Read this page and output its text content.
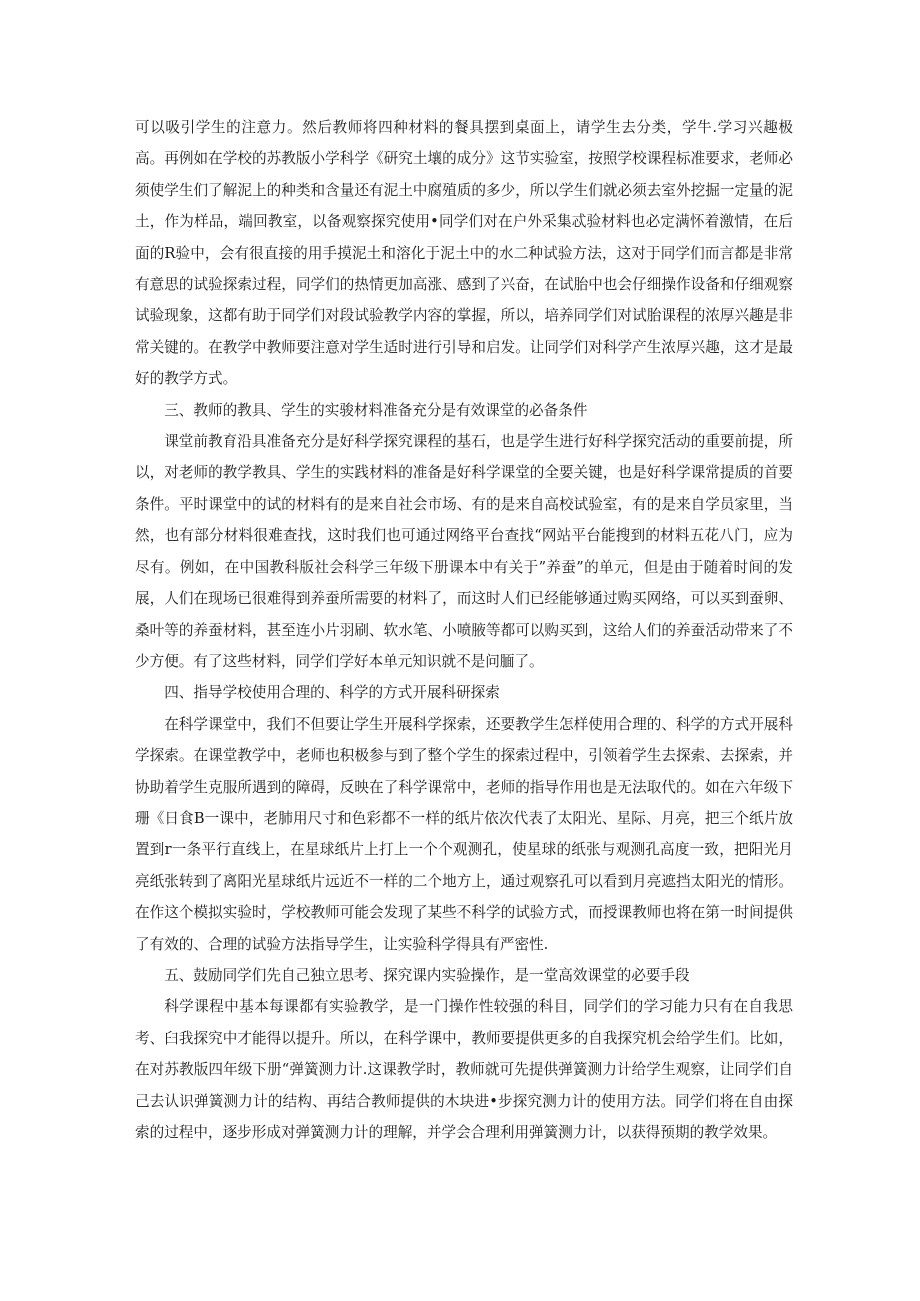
可以吸引学生的注意力。然后教师将四种材料的餐具摆到桌面上，请学生去分类，学牛.学习兴趣极高。再例如在学校的苏教版小学科学《研究土壤的成分》这节实验室，按照学校课程标准要求，老师必须使学生们了解泥上的种类和含量还有泥土中腐殖质的多少，所以学生们就必须去室外挖掘一定量的泥土，作为样品，端回教室，以备观察探究使用•同学们对在户外采集忒验材料也必定满怀着激情，在后面的R验中，会有很直接的用手摸泥土和溶化于泥土中的水二种试验方法，这对于同学们而言都是非常有意思的试验探索过程，同学们的热情更加高涨、感到了兴奋，在试胎中也会仔细操作设备和仔细观察试验现象，这都有助于同学们对段试验教学内容的掌握，所以，培养同学们对试胎课程的浓厚兴趣是非常关键的。在教学中教师要注意对学生适时进行引导和启发。让同学们对科学产生浓厚兴趣，这才是最好的教学方式。

三、教师的教具、学生的实骏材料准备充分是有效课堂的必备条件

课堂前教育沿具准备充分是好科学探究课程的基石，也是学生进行好科学探究活动的重要前提，所以，对老师的教学教具、学生的实践材料的准备是好科学课堂的全要关键，也是好科学课常提质的首要条件。平时课堂中的试的材料有的是来自社会市场、有的是来自高校试验室，有的是来自学员家里，当然，也有部分材料很难查找，这时我们也可通过网络平台查找“网站平台能搜到的材料五花八门，应为尽有。例如，在中国教科版社会科学三年级下册课本中有关于”养蚕”的单元，但是由于随着时间的发展，人们在现场已很难得到养蚕所需要的材料了，而这时人们已经能够通过购买网络，可以买到蚕卵、桑叶等的养蚕材料，甚至连小片羽刷、软水笔、小喷腋等都可以购买到，这给人们的养蚕活动带来了不少方便。有了这些材料，同学们学好本单元知识就不是问腼了。

四、指导学校使用合理的、科学的方式开展科研探索

在科学课堂中，我们不但要让学生开展科学探索，还要教学生怎样使用合理的、科学的方式开展科学探索。在课堂教学中，老师也积极参与到了整个学生的探索过程中，引领着学生去探索、去探索，并协助着学生克服所遇到的障碍，反映在了科学课常中，老师的指导作用也是无法取代的。如在六年级下珊《日食B一课中，老肺用尺寸和色彩都不一样的纸片依次代表了太阳光、星际、月亮，把三个纸片放置到r一条平行直线上，在星球纸片上打上一个个观测孔，使星球的纸张与观测孔高度一致，把阳光月亮纸张转到了离阳光星球纸片远近不一样的二个地方上，通过观察孔可以看到月亮遮挡太阳光的情形。在作这个模拟实验时，学校教师可能会发现了某些不科学的试验方式，而授课教师也将在第一时间提供了有效的、合理的试验方法指导学生，让实验科学得具有严密性.

五、鼓励同学们先自己独立思考、探究课内实验操作，是一堂高效课堂的必要手段

科学课程中基本每课都有实验教学，是一门操作性较强的科目，同学们的学习能力只有在自我思考、臼我探究中才能得以提升。所以，在科学课中，教师要提供更多的自我探究机会给学生们。比如，在对苏教版四年级下册“弹簧测力计.这课教学时，教师就可先提供弹簧测力计给学生观察，让同学们自己去认识弹簧测力计的结构、再结合教师提供的木块进•步探究测力计的使用方法。同学们将在自由探索的过程中，逐步形成对弹簧测力计的理解，并学会合理利用弹簧测力计，以获得预期的教学效果。
